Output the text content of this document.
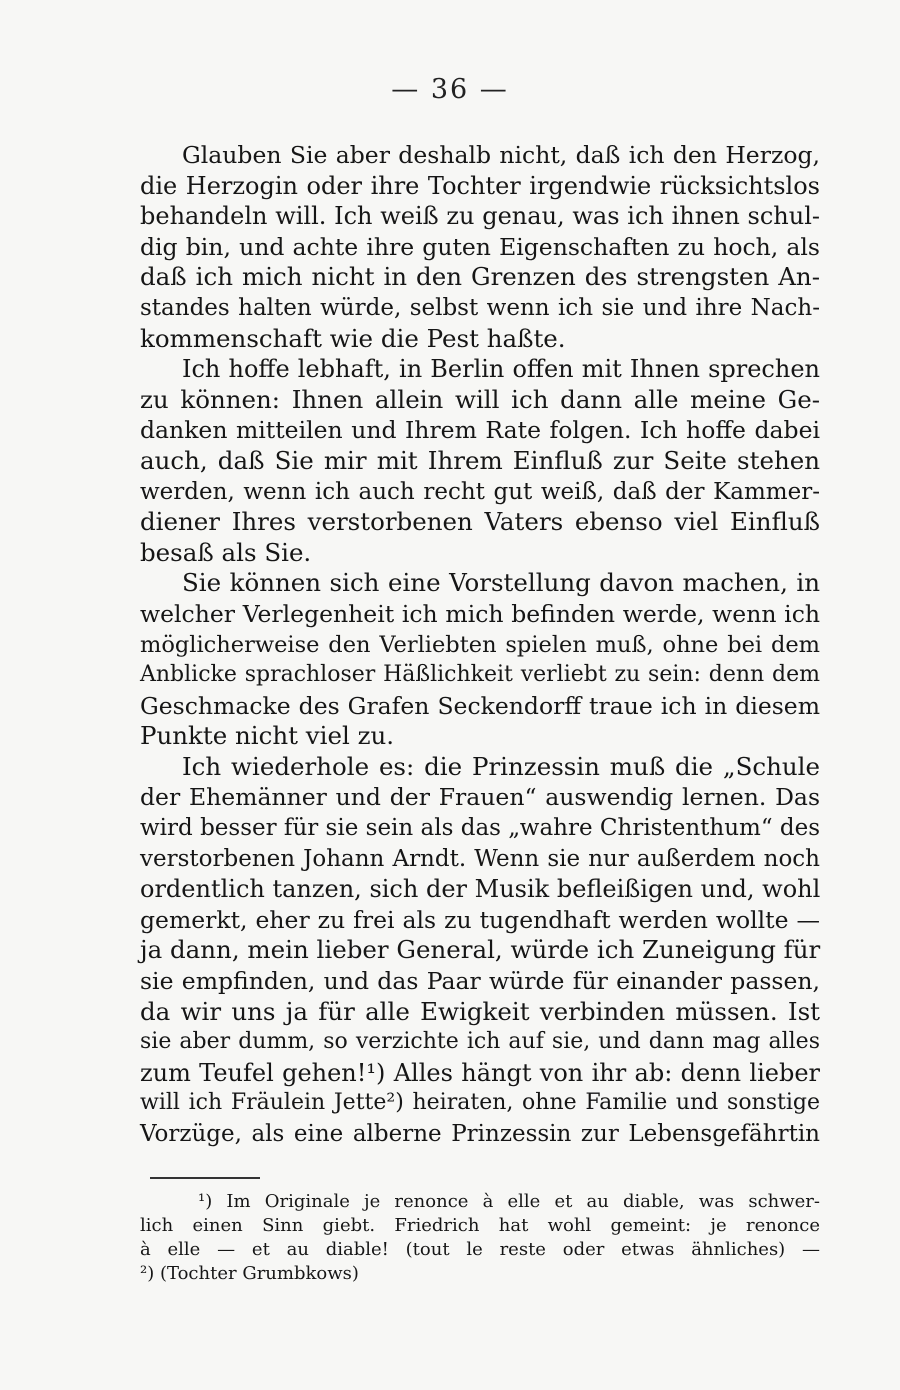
— 36 —
Glauben Sie aber deshalb nicht, daß ich den Herzog,
die Herzogin oder ihre Tochter irgendwie rücksichtslos
behandeln will. Ich weiß zu genau, was ich ihnen schul-
dig bin, und achte ihre guten Eigenschaften zu hoch, als
daß ich mich nicht in den Grenzen des strengsten An-
standes halten würde, selbst wenn ich sie und ihre Nach-
kommenschaft wie die Pest haßte.
Ich hoffe lebhaft, in Berlin offen mit Ihnen sprechen
zu können: Ihnen allein will ich dann alle meine Ge-
danken mitteilen und Ihrem Rate folgen. Ich hoffe dabei
auch, daß Sie mir mit Ihrem Einfluß zur Seite stehen
werden, wenn ich auch recht gut weiß, daß der Kammer-
diener Ihres verstorbenen Vaters ebenso viel Einfluß
besaß als Sie.
Sie können sich eine Vorstellung davon machen, in
welcher Verlegenheit ich mich befinden werde, wenn ich
möglicherweise den Verliebten spielen muß, ohne bei dem
Anblicke sprachloser Häßlichkeit verliebt zu sein: denn dem
Geschmacke des Grafen Seckendorff traue ich in diesem
Punkte nicht viel zu.
Ich wiederhole es: die Prinzessin muß die „Schule
der Ehemänner und der Frauen“ auswendig lernen. Das
wird besser für sie sein als das „wahre Christenthum“ des
verstorbenen Johann Arndt. Wenn sie nur außerdem noch
ordentlich tanzen, sich der Musik befleißigen und, wohl
gemerkt, eher zu frei als zu tugendhaft werden wollte —
ja dann, mein lieber General, würde ich Zuneigung für
sie empfinden, und das Paar würde für einander passen,
da wir uns ja für alle Ewigkeit verbinden müssen. Ist
sie aber dumm, so verzichte ich auf sie, und dann mag alles
zum Teufel gehen!¹) Alles hängt von ihr ab: denn lieber
will ich Fräulein Jette²) heiraten, ohne Familie und sonstige
Vorzüge, als eine alberne Prinzessin zur Lebensgefährtin
¹) Im Originale je renonce à elle et au diable, was schwer-
lich einen Sinn giebt. Friedrich hat wohl gemeint: je renonce
à elle — et au diable! (tout le reste oder etwas ähnliches) —
²) (Tochter Grumbkows)
